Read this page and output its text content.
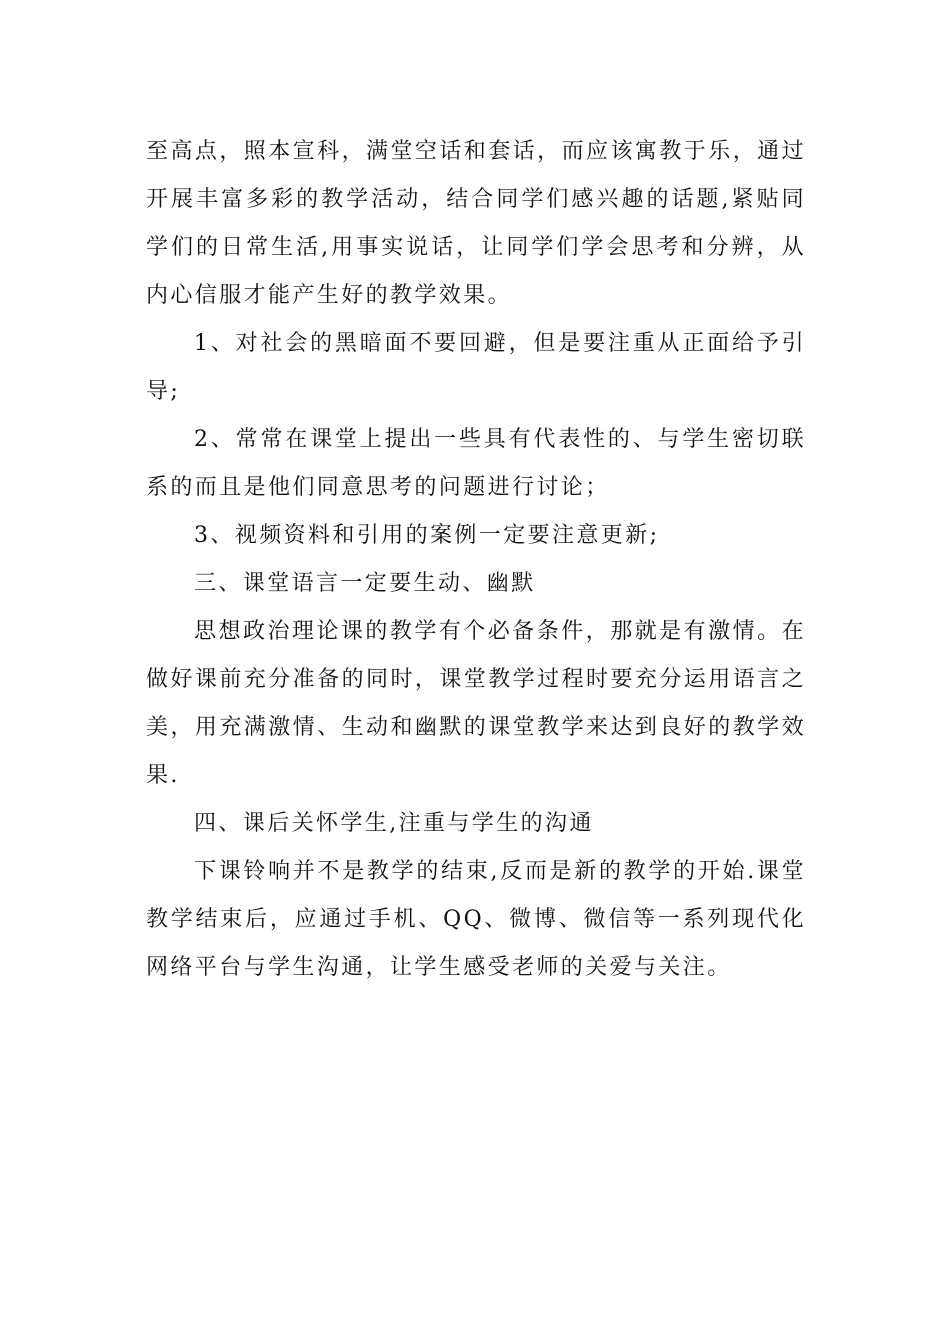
至高点，照本宣科，满堂空话和套话，而应该寓教于乐，通过开展丰富多彩的教学活动，结合同学们感兴趣的话题,紧贴同学们的日常生活,用事实说话，让同学们学会思考和分辨，从内心信服才能产生好的教学效果。

1、对社会的黑暗面不要回避，但是要注重从正面给予引导;

2、常常在课堂上提出一些具有代表性的、与学生密切联系的而且是他们同意思考的问题进行讨论；

3、视频资料和引用的案例一定要注意更新;

三、课堂语言一定要生动、幽默

思想政治理论课的教学有个必备条件，那就是有激情。在做好课前充分准备的同时，课堂教学过程时要充分运用语言之美，用充满激情、生动和幽默的课堂教学来达到良好的教学效果.

四、课后关怀学生,注重与学生的沟通

下课铃响并不是教学的结束,反而是新的教学的开始.课堂教学结束后，应通过手机、QQ、微博、微信等一系列现代化网络平台与学生沟通，让学生感受老师的关爱与关注。
